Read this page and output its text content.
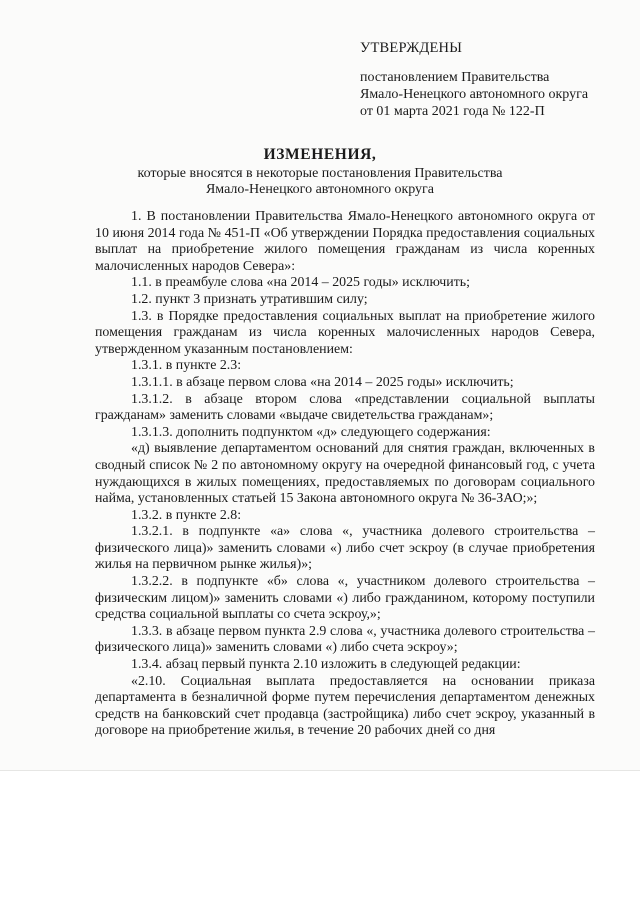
УТВЕРЖДЕНЫ
постановлением Правительства
Ямало-Ненецкого автономного округа
от 01 марта 2021 года № 122-П
ИЗМЕНЕНИЯ,
которые вносятся в некоторые постановления Правительства
Ямало-Ненецкого автономного округа

1. В постановлении Правительства Ямало-Ненецкого автономного округа от 10 июня 2014 года № 451-П «Об утверждении Порядка предоставления социальных выплат на приобретение жилого помещения гражданам из числа коренных малочисленных народов Севера»:

1.1. в преамбуле слова «на 2014 – 2025 годы» исключить;

1.2. пункт 3 признать утратившим силу;

1.3. в Порядке предоставления социальных выплат на приобретение жилого помещения гражданам из числа коренных малочисленных народов Севера, утвержденном указанным постановлением:

1.3.1. в пункте 2.3:

1.3.1.1. в абзаце первом слова «на 2014 – 2025 годы» исключить;

1.3.1.2. в абзаце втором слова «представлении социальной выплаты гражданам» заменить словами «выдаче свидетельства гражданам»;

1.3.1.3. дополнить подпунктом «д» следующего содержания:

«д) выявление департаментом оснований для снятия граждан, включенных в сводный список № 2 по автономному округу на очередной финансовый год, с учета нуждающихся в жилых помещениях, предоставляемых по договорам социального найма, установленных статьей 15 Закона автономного округа № 36-ЗАО;»;

1.3.2. в пункте 2.8:

1.3.2.1. в подпункте «а» слова «, участника долевого строительства – физического лица)» заменить словами «) либо счет эскроу (в случае приобретения жилья на первичном рынке жилья)»;

1.3.2.2. в подпункте «б» слова «, участником долевого строительства – физическим лицом)» заменить словами «) либо гражданином, которому поступили средства социальной выплаты со счета эскроу,»;

1.3.3. в абзаце первом пункта 2.9 слова «, участника долевого строительства – физического лица)» заменить словами «) либо счета эскроу»;

1.3.4. абзац первый пункта 2.10 изложить в следующей редакции:

«2.10. Социальная выплата предоставляется на основании приказа департамента в безналичной форме путем перечисления департаментом денежных средств на банковский счет продавца (застройщика) либо счет эскроу, указанный в договоре на приобретение жилья, в течение 20 рабочих дней со дня
